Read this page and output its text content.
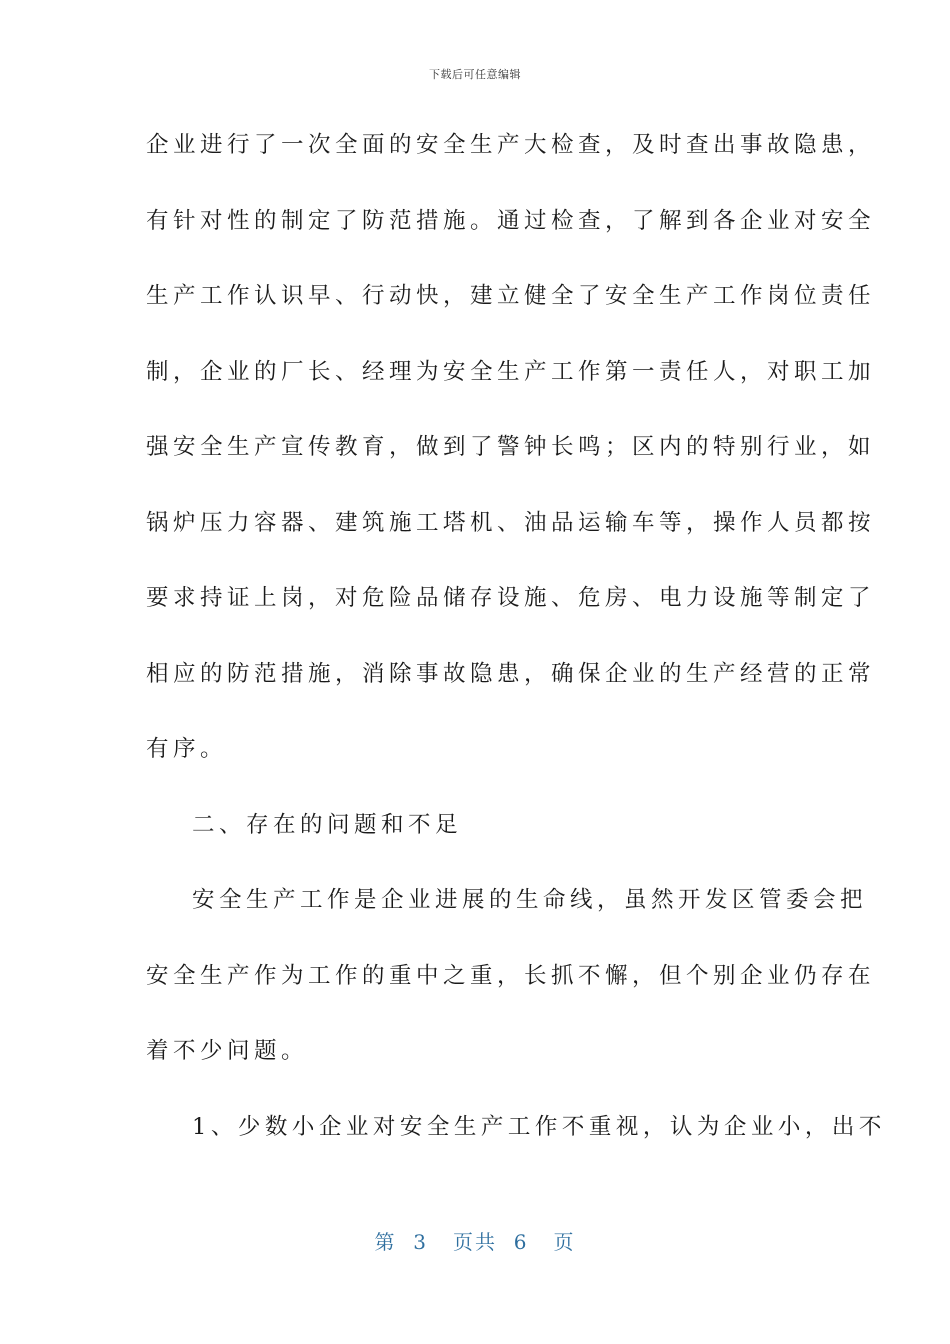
下载后可任意编辑
企业进行了一次全面的安全生产大检查，及时查出事故隐患，
有针对性的制定了防范措施。通过检查，了解到各企业对安全
生产工作认识早、行动快，建立健全了安全生产工作岗位责任
制，企业的厂长、经理为安全生产工作第一责任人，对职工加
强安全生产宣传教育，做到了警钟长鸣；区内的特别行业，如
锅炉压力容器、建筑施工塔机、油品运输车等，操作人员都按
要求持证上岗，对危险品储存设施、危房、电力设施等制定了
相应的防范措施，消除事故隐患，确保企业的生产经营的正常
有序。
二、存在的问题和不足
安全生产工作是企业进展的生命线，虽然开发区管委会把
安全生产作为工作的重中之重，长抓不懈，但个别企业仍存在
着不少问题。
1、少数小企业对安全生产工作不重视，认为企业小，出不
第 3 页共 6 页
